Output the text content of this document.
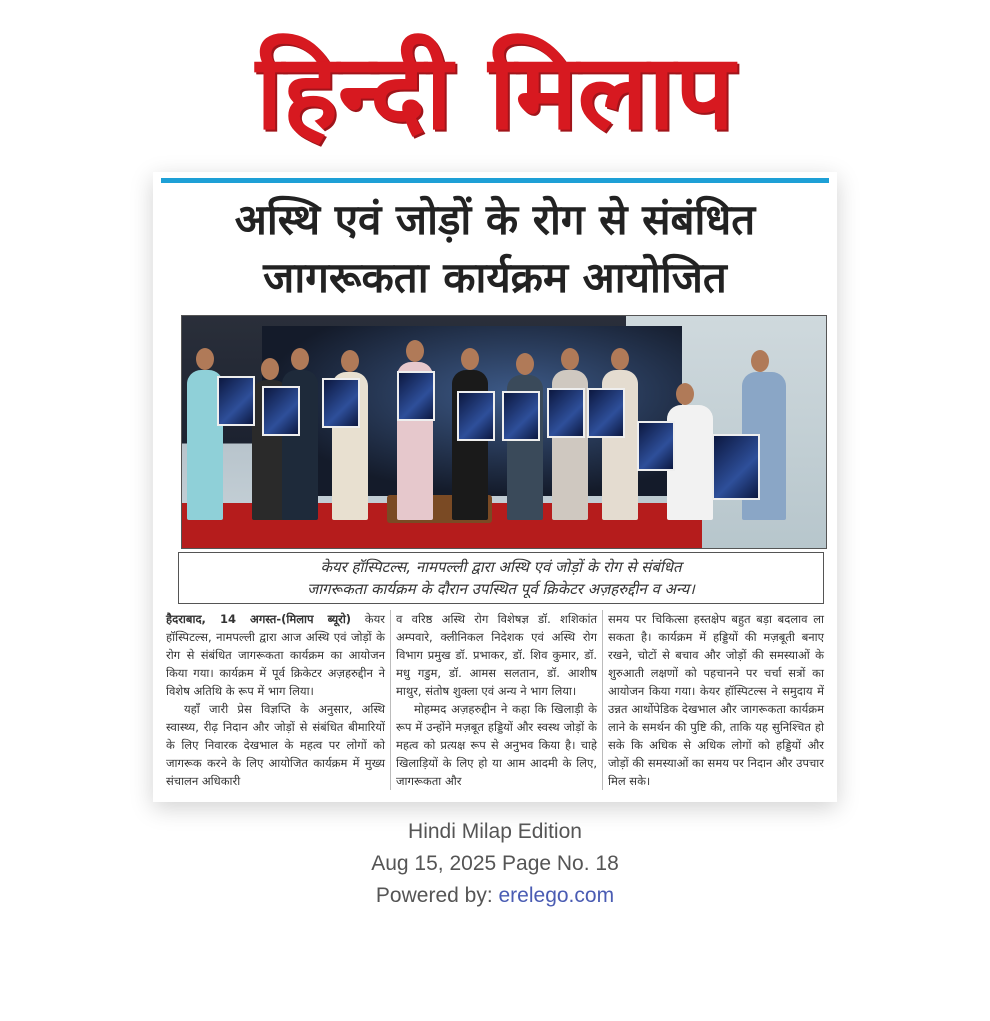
हिन्दी मिलाप
अस्थि एवं जोड़ों के रोग से संबंधित
जागरूकता कार्यक्रम आयोजित
केयर हॉस्पिटल्स, नामपल्ली द्वारा अस्थि एवं जोड़ों के रोग से संबंधित
जागरूकता कार्यक्रम के दौरान उपस्थित पूर्व क्रिकेटर अज़हरुद्दीन व अन्य।

हैदराबाद, 14 अगस्त-(मिलाप ब्यूरो) केयर हॉस्पिटल्स, नामपल्ली द्वारा आज अस्थि एवं जोड़ों के रोग से संबंधित जागरूकता कार्यक्रम का आयोजन किया गया। कार्यक्रम में पूर्व क्रिकेटर अज़हरुद्दीन ने विशेष अतिथि के रूप में भाग लिया।

यहाँ जारी प्रेस विज्ञप्ति के अनुसार, अस्थि स्वास्थ्य, रीढ़ निदान और जोड़ों से संबंधित बीमारियों के लिए निवारक देखभाल के महत्व पर लोगों को जागरूक करने के लिए आयोजित कार्यक्रम में मुख्य संचालन अधिकारी

व वरिष्ठ अस्थि रोग विशेषज्ञ डॉ. शशिकांत अम्पवारे, क्लीनिकल निदेशक एवं अस्थि रोग विभाग प्रमुख डॉ. प्रभाकर, डॉ. शिव कुमार, डॉ. मधु गडुम, डॉ. आमस सलतान, डॉ. आशीष माथुर, संतोष शुक्ला एवं अन्य ने भाग लिया।

मोहम्मद अज़हरुद्दीन ने कहा कि खिलाड़ी के रूप में उन्होंने मज़बूत हड्डियों और स्वस्थ जोड़ों के महत्व को प्रत्यक्ष रूप से अनुभव किया है। चाहे खिलाड़ियों के लिए हो या आम आदमी के लिए, जागरूकता और

समय पर चिकित्सा हस्तक्षेप बहुत बड़ा बदलाव ला सकता है। कार्यक्रम में हड्डियों की मज़बूती बनाए रखने, चोटों से बचाव और जोड़ों की समस्याओं के शुरुआती लक्षणों को पहचानने पर चर्चा सत्रों का आयोजन किया गया। केयर हॉस्पिटल्स ने समुदाय में उन्नत आर्थोपेडिक देखभाल और जागरूकता कार्यक्रम लाने के समर्थन की पुष्टि की, ताकि यह सुनिश्चित हो सके कि अधिक से अधिक लोगों को हड्डियों और जोड़ों की समस्याओं का समय पर निदान और उपचार मिल सके।

Hindi Milap Edition
Aug 15, 2025 Page No. 18
Powered by: erelego.com
